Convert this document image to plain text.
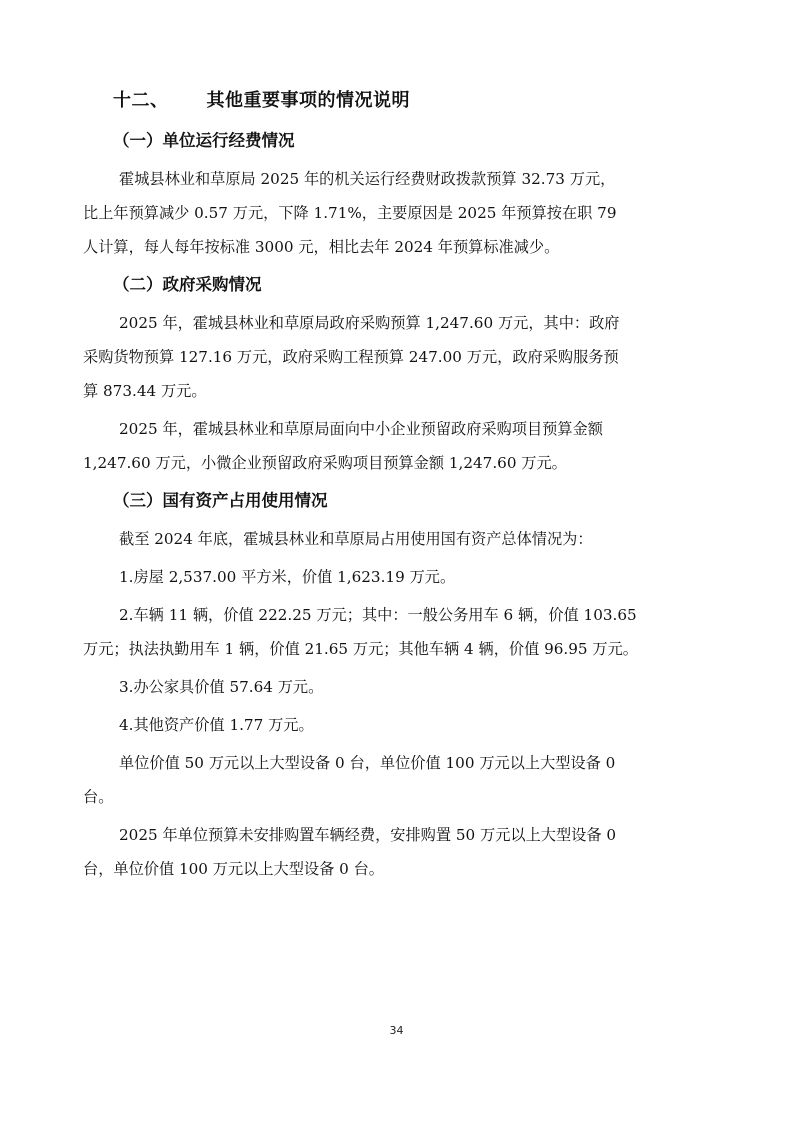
十二、 其他重要事项的情况说明
（一）单位运行经费情况
霍城县林业和草原局 2025 年的机关运行经费财政拨款预算 32.73 万元，
比上年预算减少 0.57 万元，下降 1.71%，主要原因是 2025 年预算按在职 79
人计算，每人每年按标准 3000 元，相比去年 2024 年预算标准减少。
（二）政府采购情况
2025 年，霍城县林业和草原局政府采购预算 1,247.60 万元，其中：政府
采购货物预算 127.16 万元，政府采购工程预算 247.00 万元，政府采购服务预
算 873.44 万元。
2025 年，霍城县林业和草原局面向中小企业预留政府采购项目预算金额
1,247.60 万元，小微企业预留政府采购项目预算金额 1,247.60 万元。
（三）国有资产占用使用情况
截至 2024 年底，霍城县林业和草原局占用使用国有资产总体情况为：
1.房屋 2,537.00 平方米，价值 1,623.19 万元。
2.车辆 11 辆，价值 222.25 万元；其中：一般公务用车 6 辆，价值 103.65
万元；执法执勤用车 1 辆，价值 21.65 万元；其他车辆 4 辆，价值 96.95 万元。
3.办公家具价值 57.64 万元。
4.其他资产价值 1.77 万元。
单位价值 50 万元以上大型设备 0 台，单位价值 100 万元以上大型设备 0
台。
2025 年单位预算未安排购置车辆经费，安排购置 50 万元以上大型设备 0
台，单位价值 100 万元以上大型设备 0 台。
34
